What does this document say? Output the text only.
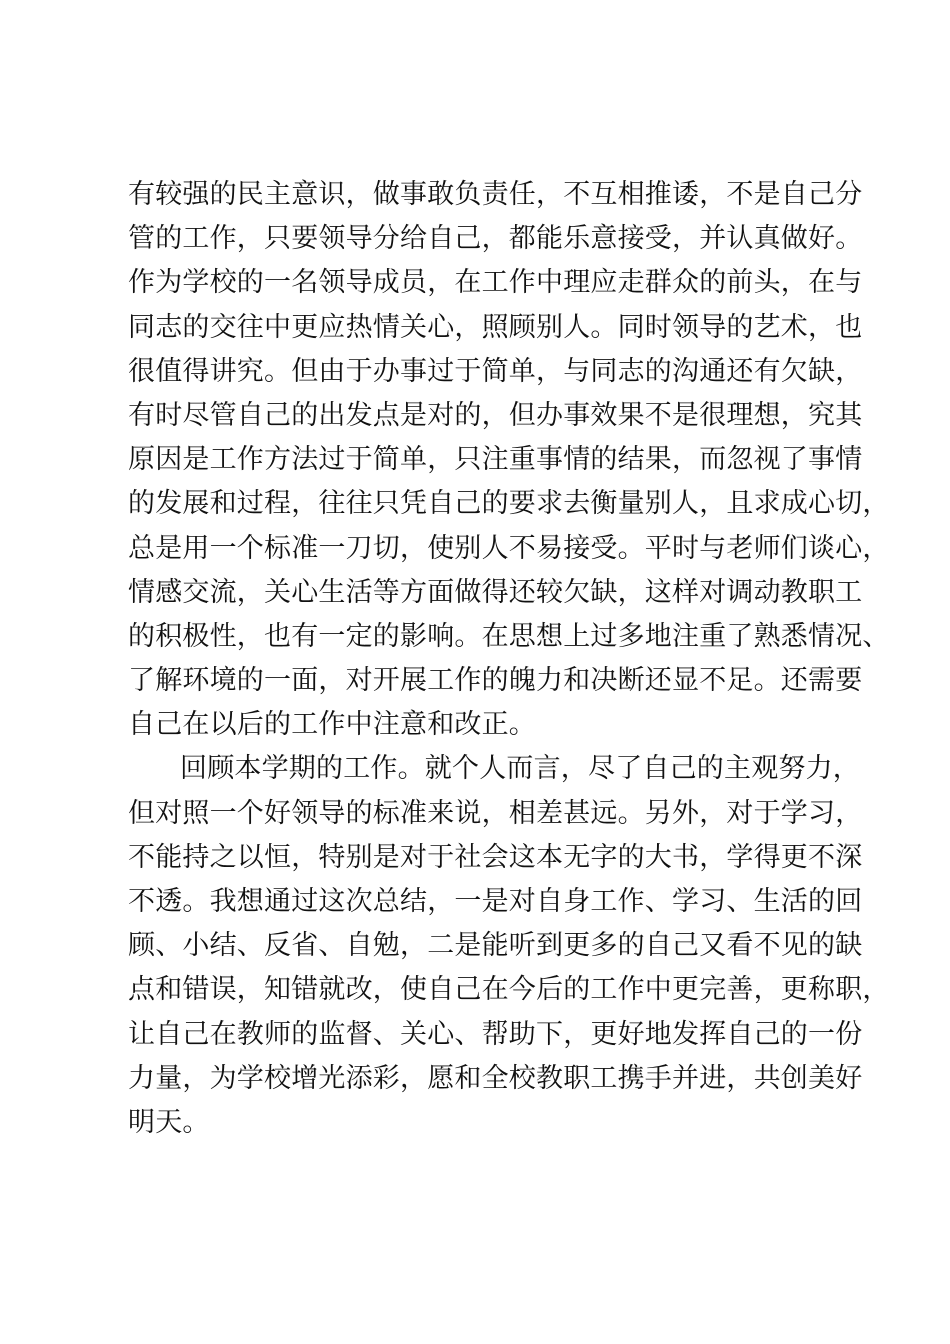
有较强的民主意识，做事敢负责任，不互相推诿，不是自己分
管的工作，只要领导分给自己，都能乐意接受，并认真做好。
作为学校的一名领导成员，在工作中理应走群众的前头，在与
同志的交往中更应热情关心，照顾别人。同时领导的艺术，也
很值得讲究。但由于办事过于简单，与同志的沟通还有欠缺，
有时尽管自己的出发点是对的，但办事效果不是很理想，究其
原因是工作方法过于简单，只注重事情的结果，而忽视了事情
的发展和过程，往往只凭自己的要求去衡量别人，且求成心切，
总是用一个标准一刀切，使别人不易接受。平时与老师们谈心，
情感交流，关心生活等方面做得还较欠缺，这样对调动教职工
的积极性，也有一定的影响。在思想上过多地注重了熟悉情况、
了解环境的一面，对开展工作的魄力和决断还显不足。还需要
自己在以后的工作中注意和改正。
回顾本学期的工作。就个人而言，尽了自己的主观努力，
但对照一个好领导的标准来说，相差甚远。另外，对于学习，
不能持之以恒，特别是对于社会这本无字的大书，学得更不深
不透。我想通过这次总结，一是对自身工作、学习、生活的回
顾、小结、反省、自勉，二是能听到更多的自己又看不见的缺
点和错误，知错就改，使自己在今后的工作中更完善，更称职，
让自己在教师的监督、关心、帮助下，更好地发挥自己的一份
力量，为学校增光添彩，愿和全校教职工携手并进，共创美好
明天。
